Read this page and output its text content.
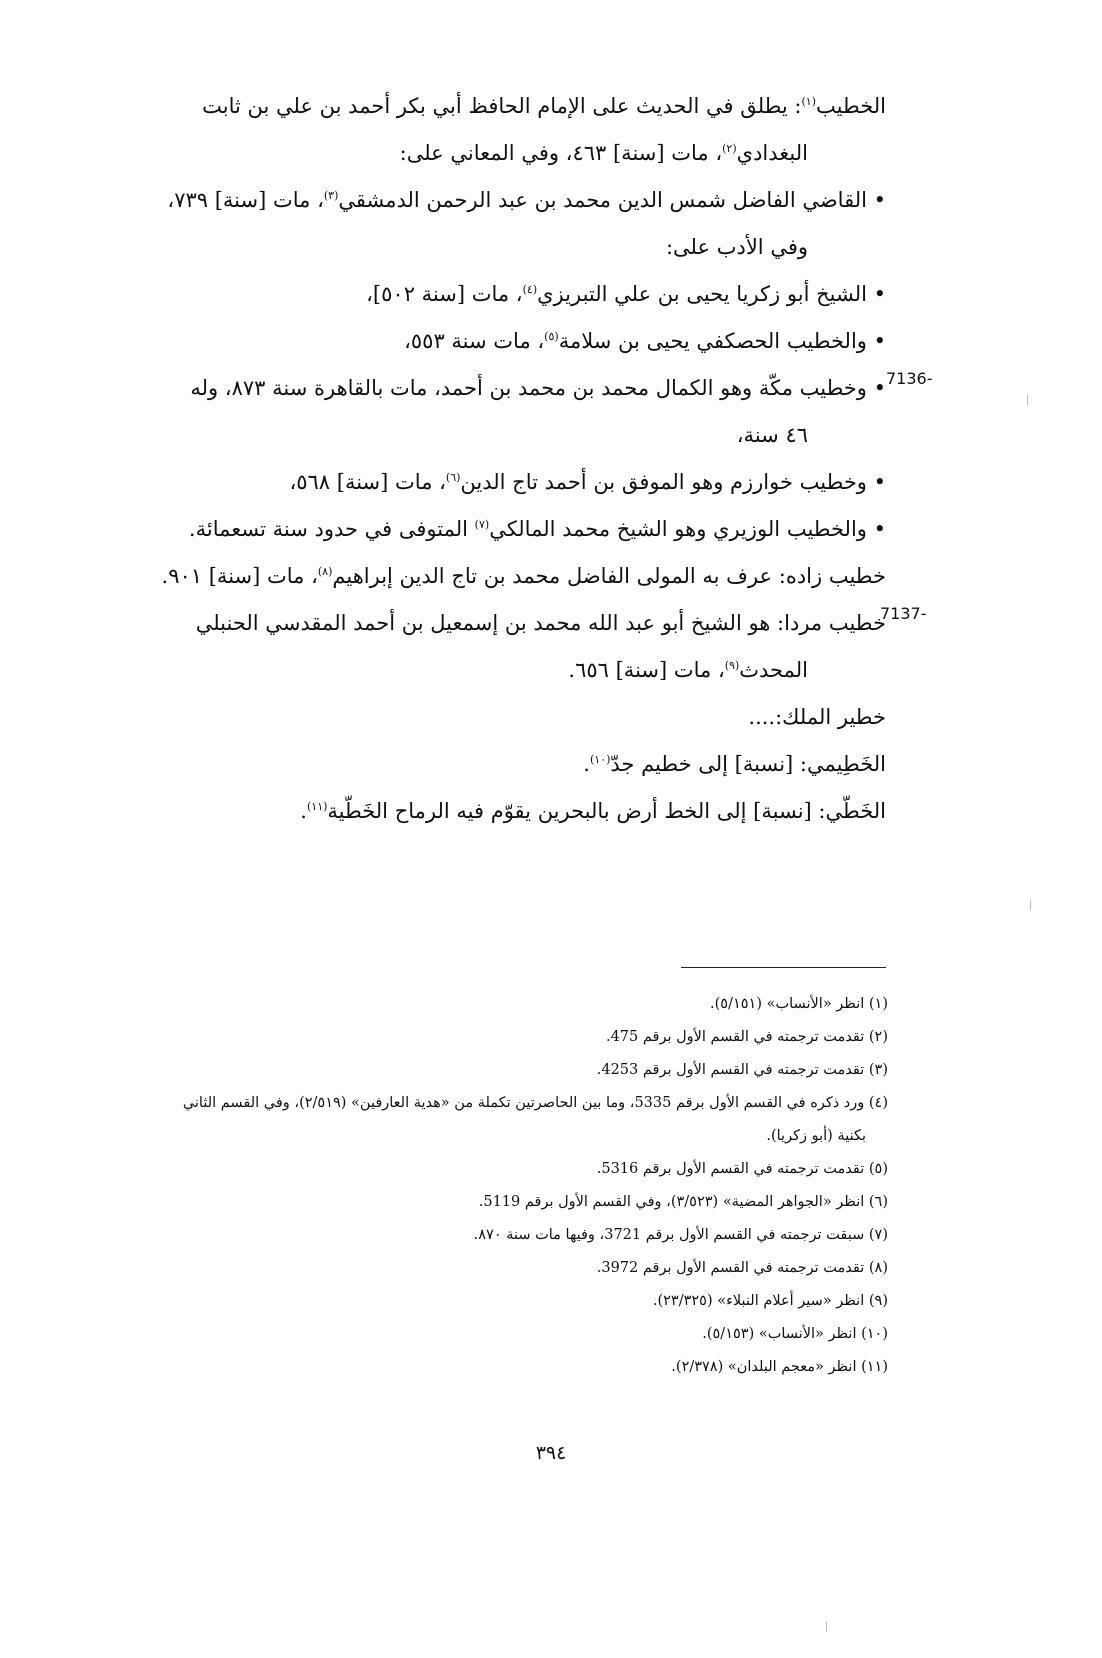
الخطيب$^{(١)}$: يطلق في الحديث على الإمام الحافظ أبي بكر أحمد بن علي بن ثابت
البغدادي$^{(٢)}$، مات [سنة] ٤٦٣، وفي المعاني على:
• القاضي الفاضل شمس الدين محمد بن عبد الرحمن الدمشقي$^{(٣)}$، مات [سنة] ٧٣٩،
وفي الأدب على:
• الشيخ أبو زكريا يحيى بن علي التبريزي$^{(٤)}$، مات [سنة ٥٠٢]،
• والخطيب الحصكفي يحيى بن سلامة$^{(٥)}$، مات سنة ٥٥٣،
• وخطيب مكّة وهو الكمال محمد بن محمد بن أحمد، مات بالقاهرة سنة ٨٧٣، وله
٤٦ سنة،
• وخطيب خوارزم وهو الموفق بن أحمد تاج الدين$^{(٦)}$، مات [سنة] ٥٦٨،
• والخطيب الوزيري وهو الشيخ محمد المالكي$^{(٧)}$ المتوفى في حدود سنة تسعمائة.
خطيب زاده: عرف به المولى الفاضل محمد بن تاج الدين إبراهيم$^{(٨)}$، مات [سنة] ٩٠١.
خطيب مردا: هو الشيخ أبو عبد الله محمد بن إسمعيل بن أحمد المقدسي الحنبلي
المحدث$^{(٩)}$، مات [سنة] ٦٥٦.
خطير الملك:....
الخَطِيمي: [نسبة] إلى خطيم جدّ$^{(١٠)}$.
الخَطّي: [نسبة] إلى الخط أرض بالبحرين يقوّم فيه الرماح الخَطّية$^{(١١)}$.
7136-
7137-
(١) انظر «الأنساب» (٥/١٥١).
(٢) تقدمت ترجمته في القسم الأول برقم 475.
(٣) تقدمت ترجمته في القسم الأول برقم 4253.
(٤) ورد ذكره في القسم الأول برقم 5335، وما بين الحاصرتين تكملة من «هدية العارفين» (٢/٥١٩)، وفي القسم الثاني
بكنية (أبو زكريا).
(٥) تقدمت ترجمته في القسم الأول برقم 5316.
(٦) انظر «الجواهر المضية» (٣/٥٢٣)، وفي القسم الأول برقم 5119.
(٧) سبقت ترجمته في القسم الأول برقم 3721، وفيها مات سنة ٨٧٠.
(٨) تقدمت ترجمته في القسم الأول برقم 3972.
(٩) انظر «سير أعلام النبلاء» (٢٣/٣٢٥).
(١٠) انظر «الأنساب» (٥/١٥٣).
(١١) انظر «معجم البلدان» (٢/٣٧٨).
٣٩٤
